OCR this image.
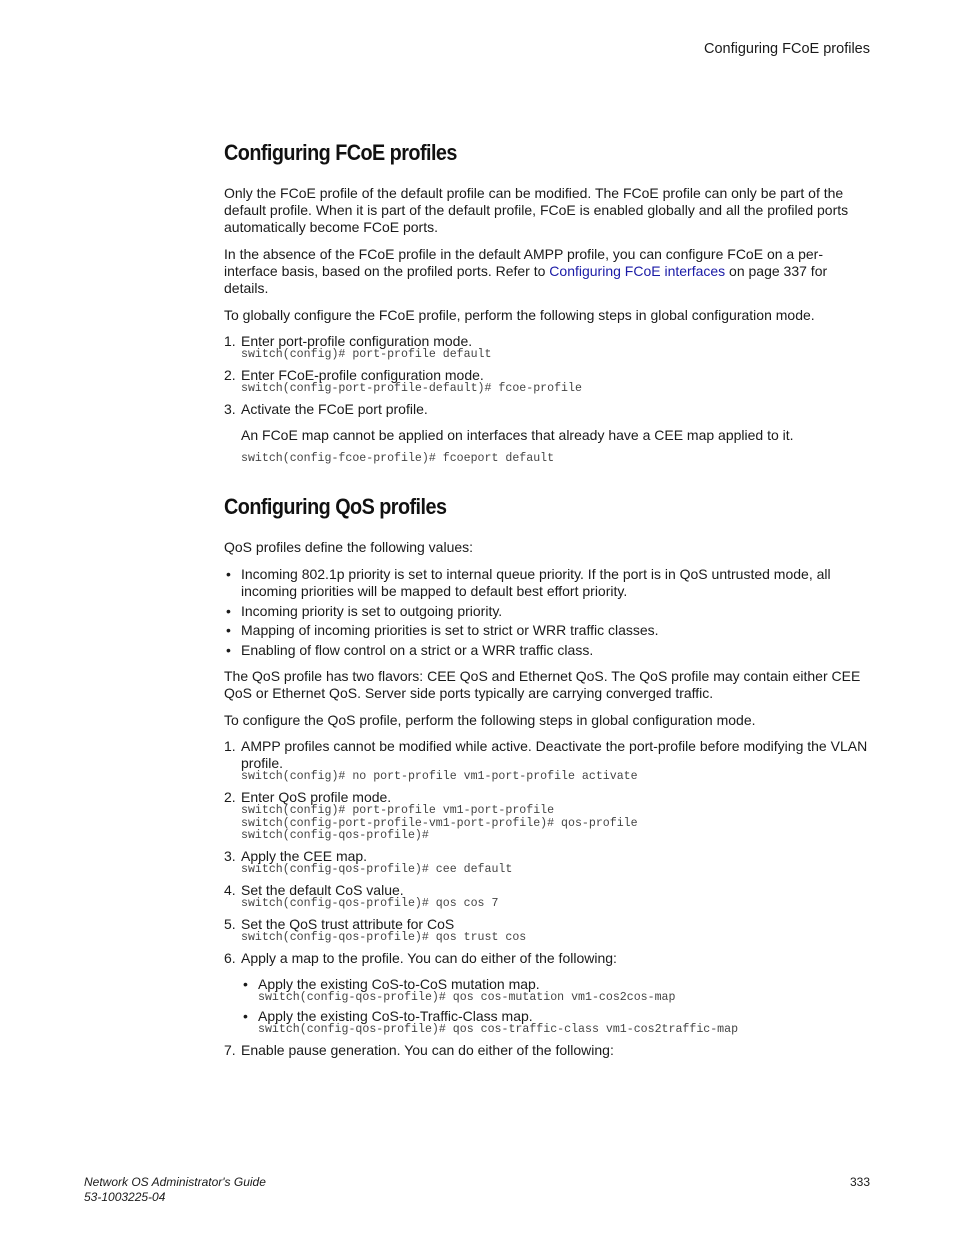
Configuring FCoE profiles
Configuring FCoE profiles
Only the FCoE profile of the default profile can be modified. The FCoE profile can only be part of the default profile. When it is part of the default profile, FCoE is enabled globally and all the profiled ports automatically become FCoE ports.
In the absence of the FCoE profile in the default AMPP profile, you can configure FCoE on a per-interface basis, based on the profiled ports. Refer to Configuring FCoE interfaces on page 337 for details.
To globally configure the FCoE profile, perform the following steps in global configuration mode.
1. Enter port-profile configuration mode.
switch(config)# port-profile default
2. Enter FCoE-profile configuration mode.
switch(config-port-profile-default)# fcoe-profile
3. Activate the FCoE port profile.
An FCoE map cannot be applied on interfaces that already have a CEE map applied to it.
switch(config-fcoe-profile)# fcoeport default
Configuring QoS profiles
QoS profiles define the following values:
• Incoming 802.1p priority is set to internal queue priority. If the port is in QoS untrusted mode, all incoming priorities will be mapped to default best effort priority.
• Incoming priority is set to outgoing priority.
• Mapping of incoming priorities is set to strict or WRR traffic classes.
• Enabling of flow control on a strict or a WRR traffic class.
The QoS profile has two flavors: CEE QoS and Ethernet QoS. The QoS profile may contain either CEE QoS or Ethernet QoS. Server side ports typically are carrying converged traffic.
To configure the QoS profile, perform the following steps in global configuration mode.
1. AMPP profiles cannot be modified while active. Deactivate the port-profile before modifying the VLAN profile.
switch(config)# no port-profile vm1-port-profile activate
2. Enter QoS profile mode.
switch(config)# port-profile vm1-port-profile
switch(config-port-profile-vm1-port-profile)# qos-profile
switch(config-qos-profile)#
3. Apply the CEE map.
switch(config-qos-profile)# cee default
4. Set the default CoS value.
switch(config-qos-profile)# qos cos 7
5. Set the QoS trust attribute for CoS
switch(config-qos-profile)# qos trust cos
6. Apply a map to the profile. You can do either of the following:
• Apply the existing CoS-to-CoS mutation map.
switch(config-qos-profile)# qos cos-mutation vm1-cos2cos-map
• Apply the existing CoS-to-Traffic-Class map.
switch(config-qos-profile)# qos cos-traffic-class vm1-cos2traffic-map
7. Enable pause generation. You can do either of the following:
Network OS Administrator's Guide
53-1003225-04
333
